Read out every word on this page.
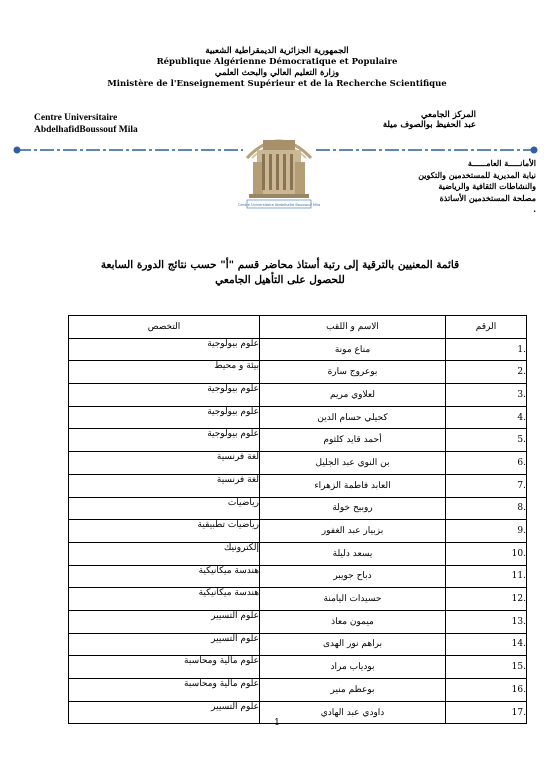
الجمهورية الجزائرية الديمقراطية الشعبية
République Algérienne Démocratique et Populaire
وزارة التعليم العالي والبحث العلمي
Ministère de l'Enseignement Supérieur et de la Recherche Scientifique
Centre Universitaire
AbdelhafidBoussouf Mila
المركز الجامعي
عبد الحفيظ بوالصوف ميلة
Centre Universitaire Abdelhafid Boussouf Mila
الأمانـــــة العامــــــة
نيابة المديرية للمستخدمين والتكوين
والنشاطات الثقافية والرياضية
مصلحة المستخدمين الأساتذة
.
قائمة المعنيين بالترقية إلى رتبة أستاذ محاضر قسم "أ" حسب نتائج الدورة السابعة
للحصول على التأهيل الجامعي
الرقم	الاسم و اللقب	التخصص
1.	مناع مونة	علوم بيولوجية
2.	بوعروج سارة	بيئة و محيط
3.	لعلاوي مريم	علوم بيولوجية
4.	كحيلي حسام الدين	علوم بيولوجية
5.	أحمد قايد كلثوم	علوم بيولوجية
6.	بن النوي عبد الجليل	لغة فرنسية
7.	العابد فاطمة الزهراء	لغة فرنسية
8.	روبيح خولة	رياضيات
9.	بزبيار عبد الغفور	رياضيات تطبيقية
10.	يسعد دليلة	إلكترونيك
11.	دباح جويبر	هندسة ميكانيكية
12.	حسيدات اليامنة	هندسة ميكانيكية
13.	ميمون معاذ	علوم التسيير
14.	براهم نور الهدى	علوم التسيير
15.	بودياب مراد	علوم مالية ومحاسبة
16.	بوعظم منير	علوم مالية ومحاسبة
17.	داودي عبد الهادي	علوم التسيير
1
